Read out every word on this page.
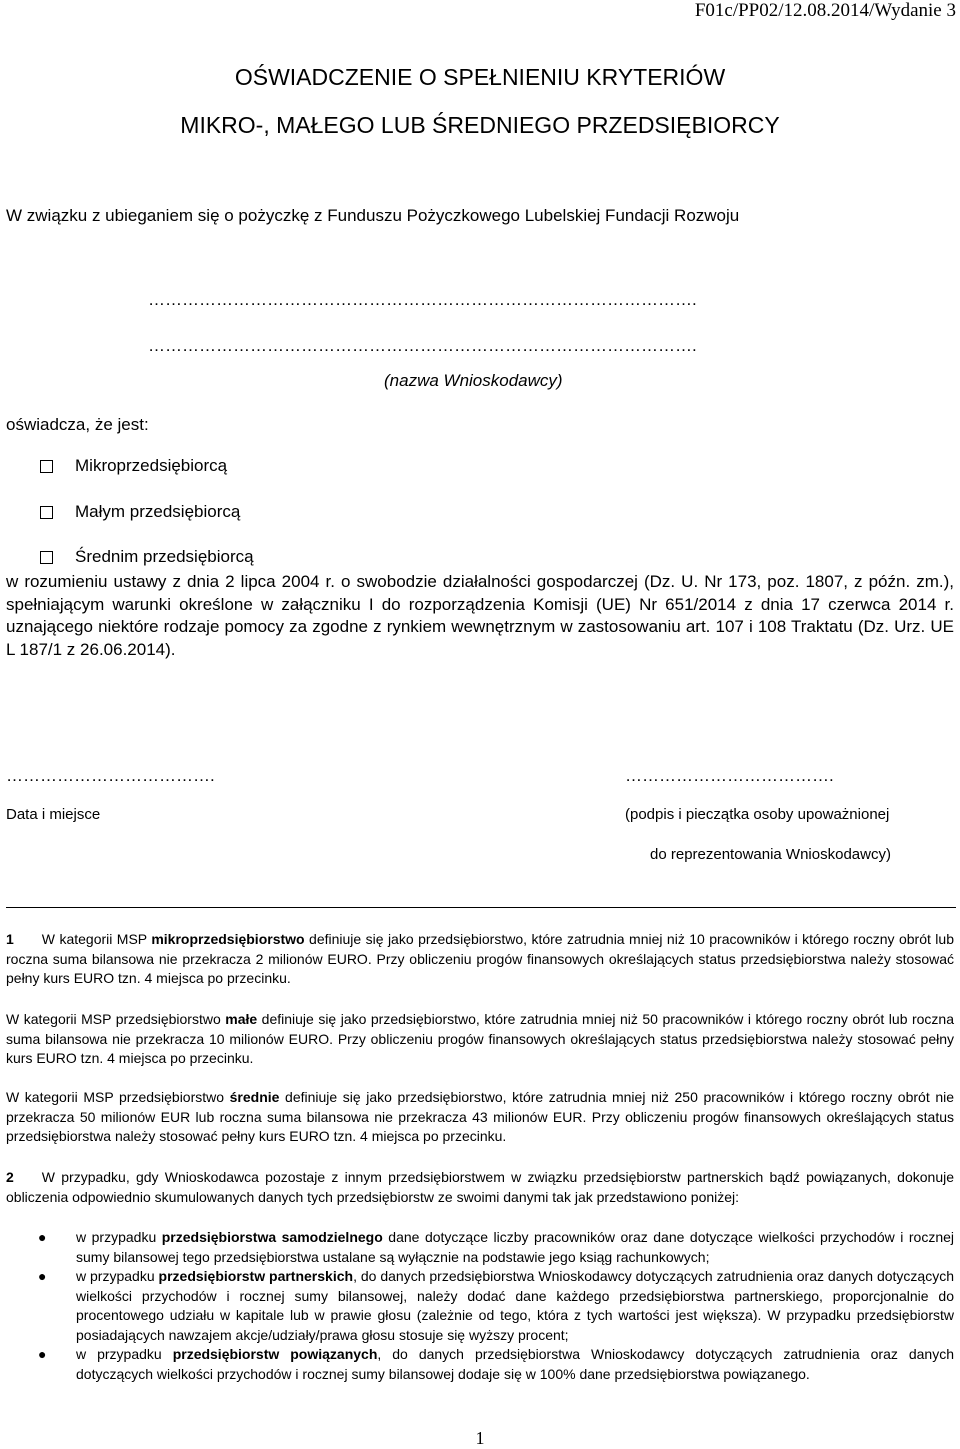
F01c/PP02/12.08.2014/Wydanie 3
OŚWIADCZENIE O SPEŁNIENIU KRYTERIÓW
MIKRO-, MAŁEGO LUB ŚREDNIEGO PRZEDSIĘBIORCY
W związku z ubieganiem się o pożyczkę z Funduszu Pożyczkowego Lubelskiej Fundacji Rozwoju
…………………………………………………………………………………….
…………………………………………………………………………………….
(nazwa Wnioskodawcy)
oświadcza, że jest:
Mikroprzedsiębiorcą
Małym przedsiębiorcą
Średnim przedsiębiorcą
w rozumieniu ustawy z dnia 2 lipca 2004 r. o swobodzie działalności gospodarczej (Dz. U. Nr 173, poz. 1807, z późn. zm.), spełniającym warunki określone w załączniku I do rozporządzenia Komisji (UE) Nr 651/2014 z dnia 17 czerwca 2014 r. uznającego niektóre rodzaje pomocy za zgodne z rynkiem wewnętrznym w zastosowaniu art. 107 i 108 Traktatu (Dz. Urz. UE L 187/1 z 26.06.2014).
……………………………….	……………………………….
Data i miejsce	(podpis i pieczątka osoby upoważnionej
do reprezentowania Wnioskodawcy)
1 W kategorii MSP mikroprzedsiębiorstwo definiuje się jako przedsiębiorstwo, które zatrudnia mniej niż 10 pracowników i którego roczny obrót lub roczna suma bilansowa nie przekracza 2 milionów EURO. Przy obliczeniu progów finansowych określających status przedsiębiorstwa należy stosować pełny kurs EURO tzn. 4 miejsca po przecinku.
W kategorii MSP przedsiębiorstwo małe definiuje się jako przedsiębiorstwo, które zatrudnia mniej niż 50 pracowników i którego roczny obrót lub roczna suma bilansowa nie przekracza 10 milionów EURO. Przy obliczeniu progów finansowych określających status przedsiębiorstwa należy stosować pełny kurs EURO tzn. 4 miejsca po przecinku.
W kategorii MSP przedsiębiorstwo średnie definiuje się jako przedsiębiorstwo, które zatrudnia mniej niż 250 pracowników i którego roczny obrót nie przekracza 50 milionów EUR lub roczna suma bilansowa nie przekracza 43 milionów EUR. Przy obliczeniu progów finansowych określających status przedsiębiorstwa należy stosować pełny kurs EURO tzn. 4 miejsca po przecinku.
2 W przypadku, gdy Wnioskodawca pozostaje z innym przedsiębiorstwem w związku przedsiębiorstw partnerskich bądź powiązanych, dokonuje obliczenia odpowiednio skumulowanych danych tych przedsiębiorstw ze swoimi danymi tak jak przedstawiono poniżej:
● w przypadku przedsiębiorstwa samodzielnego dane dotyczące liczby pracowników oraz dane dotyczące wielkości przychodów i rocznej sumy bilansowej tego przedsiębiorstwa ustalane są wyłącznie na podstawie jego ksiąg rachunkowych;
● w przypadku przedsiębiorstw partnerskich, do danych przedsiębiorstwa Wnioskodawcy dotyczących zatrudnienia oraz danych dotyczących wielkości przychodów i rocznej sumy bilansowej, należy dodać dane każdego przedsiębiorstwa partnerskiego, proporcjonalnie do procentowego udziału w kapitale lub w prawie głosu (zależnie od tego, która z tych wartości jest większa). W przypadku przedsiębiorstw posiadających nawzajem akcje/udziały/prawa głosu stosuje się wyższy procent;
● w przypadku przedsiębiorstw powiązanych, do danych przedsiębiorstwa Wnioskodawcy dotyczących zatrudnienia oraz danych dotyczących wielkości przychodów i rocznej sumy bilansowej dodaje się w 100% dane przedsiębiorstwa powiązanego.
1
